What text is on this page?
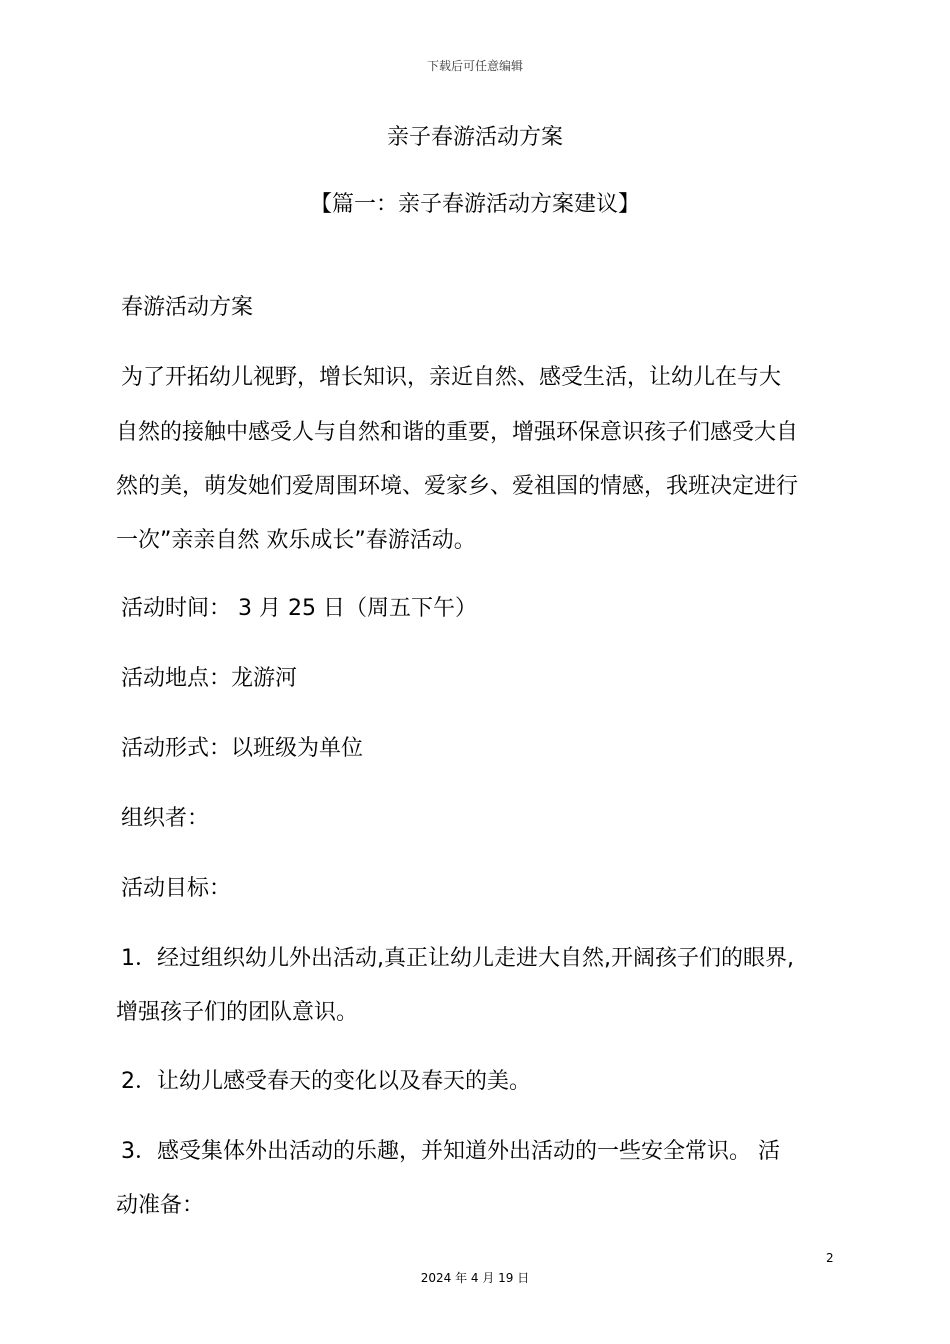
下载后可任意编辑

亲子春游活动方案

【篇一：亲子春游活动方案建议】

春游活动方案

为了开拓幼儿视野，增长知识，亲近自然、感受生活，让幼儿在与大

自然的接触中感受人与自然和谐的重要，增强环保意识孩子们感受大自

然的美，萌发她们爱周围环境、爱家乡、爱祖国的情感，我班决定进行

一次”亲亲自然 欢乐成长”春游活动。

活动时间： 3 月 25 日（周五下午）

活动地点：龙游河

活动形式：以班级为单位

组织者：

活动目标：

1．经过组织幼儿外出活动,真正让幼儿走进大自然,开阔孩子们的眼界,

增强孩子们的团队意识。

2．让幼儿感受春天的变化以及春天的美。

3．感受集体外出活动的乐趣，并知道外出活动的一些安全常识。 活

动准备：

2

2024 年 4 月 19 日
